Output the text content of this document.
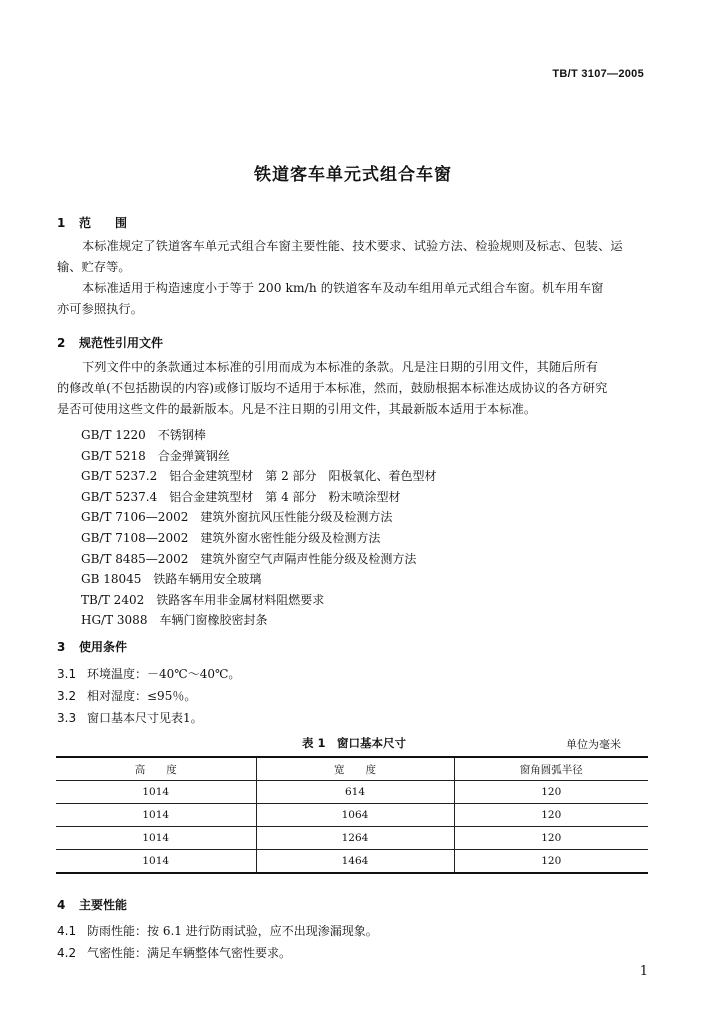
TB/T 3107—2005
铁道客车单元式组合车窗
1 范　　围
本标准规定了铁道客车单元式组合车窗主要性能、技术要求、试验方法、检验规则及标志、包装、运
输、贮存等。
本标准适用于构造速度小于等于 200 km/h 的铁道客车及动车组用单元式组合车窗。机车用车窗
亦可参照执行。
2 规范性引用文件
下列文件中的条款通过本标准的引用而成为本标准的条款。凡是注日期的引用文件，其随后所有
的修改单(不包括勘误的内容)或修订版均不适用于本标准，然而，鼓励根据本标准达成协议的各方研究
是否可使用这些文件的最新版本。凡是不注日期的引用文件，其最新版本适用于本标准。
GB/T 1220　 不锈钢棒
GB/T 5218　 合金弹簧钢丝
GB/T 5237.2　 铝合金建筑型材　第 2 部分　阳极氧化、着色型材
GB/T 5237.4　 铝合金建筑型材　第 4 部分　粉末喷涂型材
GB/T 7106—2002　 建筑外窗抗风压性能分级及检测方法
GB/T 7108—2002　 建筑外窗水密性能分级及检测方法
GB/T 8485—2002　 建筑外窗空气声隔声性能分级及检测方法
GB 18045　 铁路车辆用安全玻璃
TB/T 2402　 铁路客车用非金属材料阻燃要求
HG/T 3088　 车辆门窗橡胶密封条
3 使用条件
3.1 环境温度：－40℃～40℃。
3.2 相对湿度：≤95％。
3.3 窗口基本尺寸见表1。
表 1　窗口基本尺寸	单位为毫米
高　　度	宽　　度	窗角圆弧半径
1014	614	120
1014	1064	120
1014	1264	120
1014	1464	120
4 主要性能
4.1 防雨性能：按 6.1 进行防雨试验，应不出现渗漏现象。
4.2 气密性能：满足车辆整体气密性要求。
1
